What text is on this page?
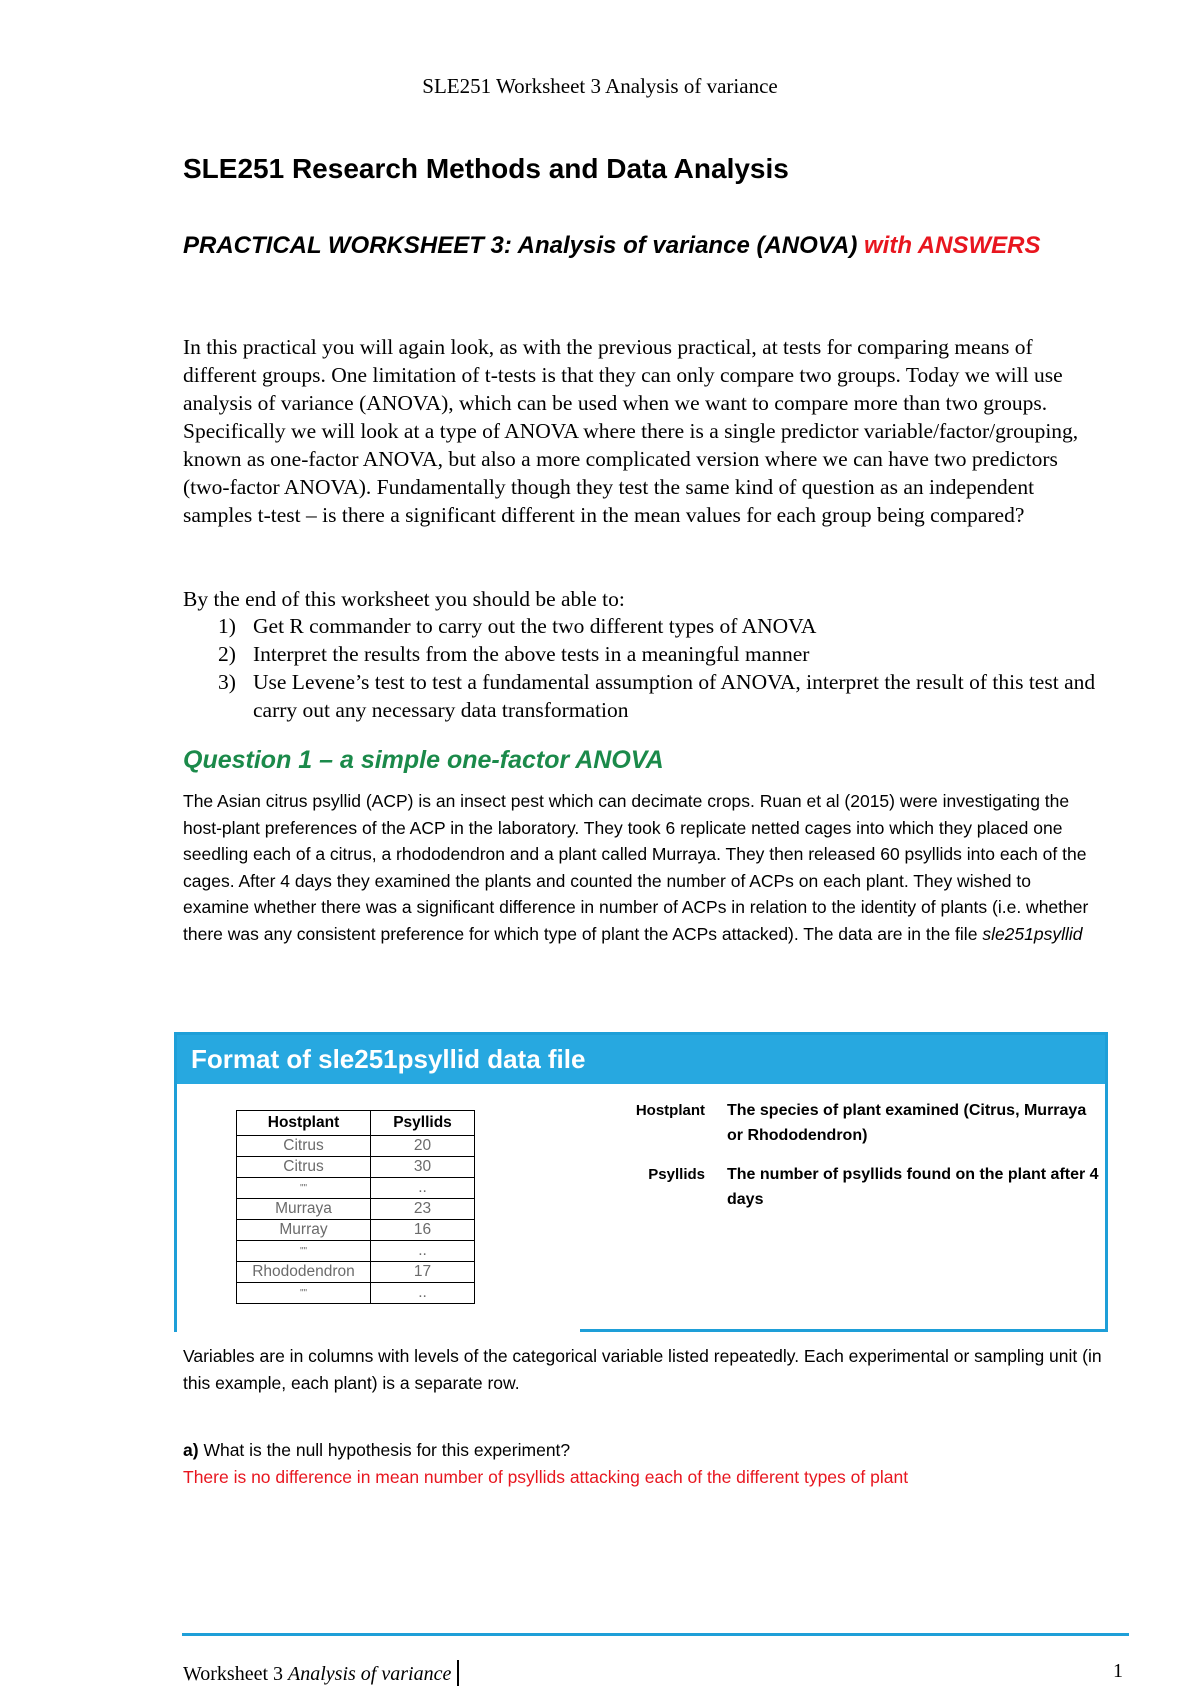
SLE251 Worksheet 3 Analysis of variance
SLE251 Research Methods and Data Analysis

PRACTICAL WORKSHEET 3: Analysis of variance (ANOVA) with ANSWERS

In this practical you will again look, as with the previous practical, at tests for comparing means of different groups. One limitation of t-tests is that they can only compare two groups. Today we will use analysis of variance (ANOVA), which can be used when we want to compare more than two groups. Specifically we will look at a type of ANOVA where there is a single predictor variable/factor/grouping, known as one-factor ANOVA, but also a more complicated version where we can have two predictors (two-factor ANOVA). Fundamentally though they test the same kind of question as an independent samples t-test – is there a significant different in the mean values for each group being compared?

By the end of this worksheet you should be able to:

1) Get R commander to carry out the two different types of ANOVA
2) Interpret the results from the above tests in a meaningful manner
3) Use Levene’s test to test a fundamental assumption of ANOVA, interpret the result of this test and carry out any necessary data transformation
Question 1 – a simple one-factor ANOVA

The Asian citrus psyllid (ACP) is an insect pest which can decimate crops. Ruan et al (2015) were investigating the host-plant preferences of the ACP in the laboratory. They took 6 replicate netted cages into which they placed one seedling each of a citrus, a rhododendron and a plant called Murraya. They then released 60 psyllids into each of the cages. After 4 days they examined the plants and counted the number of ACPs on each plant. They wished to examine whether there was a significant difference in number of ACPs in relation to the identity of plants (i.e. whether there was any consistent preference for which type of plant the ACPs attacked). The data are in the file sle251psyllid

Format of sle251psyllid data file
Hostplant	Psyllids
Citrus	20
Citrus	30
""	..
Murraya	23
Murray	16
""	..
Rhododendron	17
""	..
Hostplant The species of plant examined (Citrus, Murraya or Rhododendron)
Psyllids The number of psyllids found on the plant after 4 days

Variables are in columns with levels of the categorical variable listed repeatedly. Each experimental or sampling unit (in this example, each plant) is a separate row.

a) What is the null hypothesis for this experiment?

There is no difference in mean number of psyllids attacking each of the different types of plant

Worksheet 3 Analysis of variance	1
